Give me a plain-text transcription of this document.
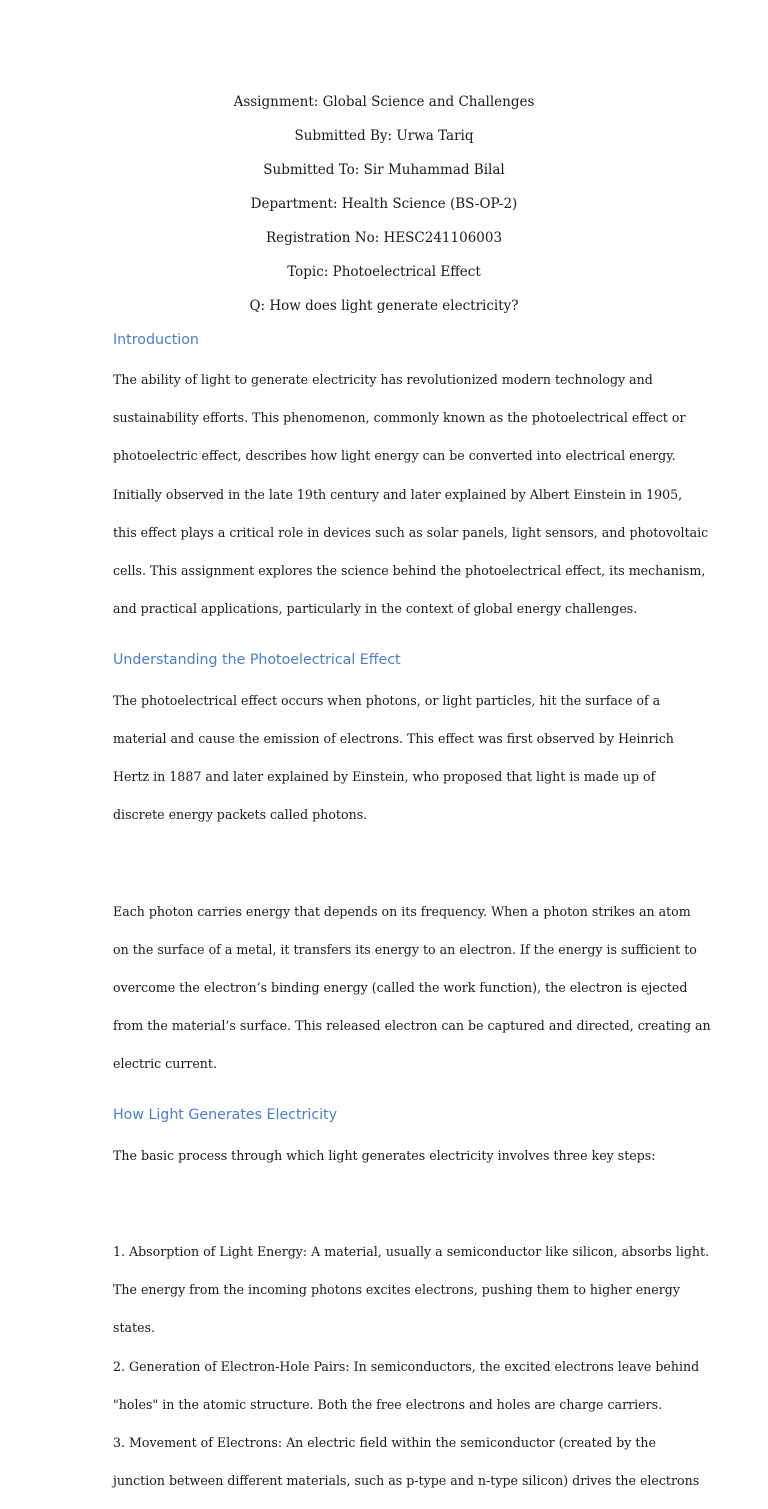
Assignment: Global Science and Challenges
Submitted By: Urwa Tariq
Submitted To: Sir Muhammad Bilal
Department: Health Science (BS-OP-2)
Registration No: HESC241106003
Topic: Photoelectrical Effect
Q: How does light generate electricity?
Introduction

The ability of light to generate electricity has revolutionized modern technology and

sustainability efforts. This phenomenon, commonly known as the photoelectrical effect or

photoelectric effect, describes how light energy can be converted into electrical energy.

Initially observed in the late 19th century and later explained by Albert Einstein in 1905,

this effect plays a critical role in devices such as solar panels, light sensors, and photovoltaic

cells. This assignment explores the science behind the photoelectrical effect, its mechanism,

and practical applications, particularly in the context of global energy challenges.

Understanding the Photoelectrical Effect

The photoelectrical effect occurs when photons, or light particles, hit the surface of a

material and cause the emission of electrons. This effect was first observed by Heinrich

Hertz in 1887 and later explained by Einstein, who proposed that light is made up of

discrete energy packets called photons.

Each photon carries energy that depends on its frequency. When a photon strikes an atom

on the surface of a metal, it transfers its energy to an electron. If the energy is sufficient to

overcome the electron’s binding energy (called the work function), the electron is ejected

from the material’s surface. This released electron can be captured and directed, creating an

electric current.

How Light Generates Electricity

The basic process through which light generates electricity involves three key steps:

1. Absorption of Light Energy: A material, usually a semiconductor like silicon, absorbs light.

The energy from the incoming photons excites electrons, pushing them to higher energy

states.

2. Generation of Electron-Hole Pairs: In semiconductors, the excited electrons leave behind

"holes" in the atomic structure. Both the free electrons and holes are charge carriers.

3. Movement of Electrons: An electric field within the semiconductor (created by the

junction between different materials, such as p-type and n-type silicon) drives the electrons
